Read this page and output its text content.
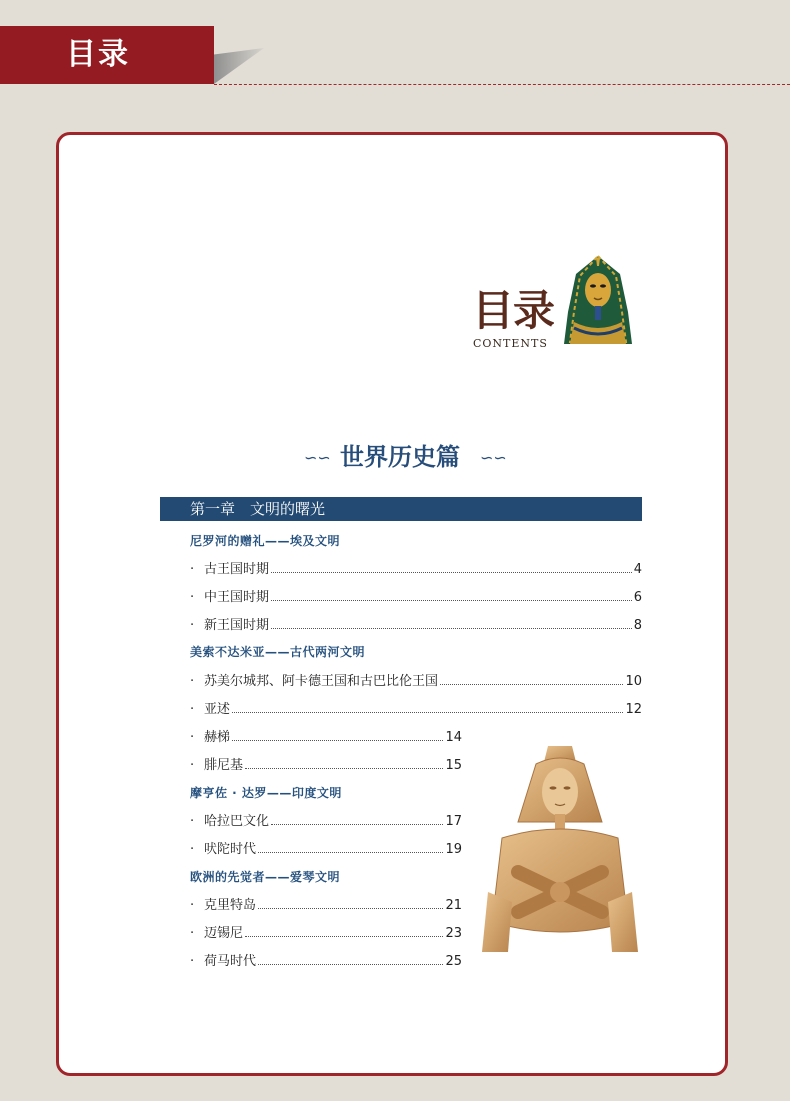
目录
目录
CONTENTS
∽∽ 世界历史篇	∽∽
第一章　文明的曙光
尼罗河的赠礼——埃及文明
· 古王国时期	4
· 中王国时期	6
· 新王国时期	8
美索不达米亚——古代两河文明
· 苏美尔城邦、阿卡德王国和古巴比伦王国	10
· 亚述	12
· 赫梯	14
· 腓尼基	15
摩亨佐 · 达罗——印度文明
· 哈拉巴文化	17
· 吠陀时代	19
欧洲的先觉者——爱琴文明
· 克里特岛	21
· 迈锡尼	23
· 荷马时代	25
